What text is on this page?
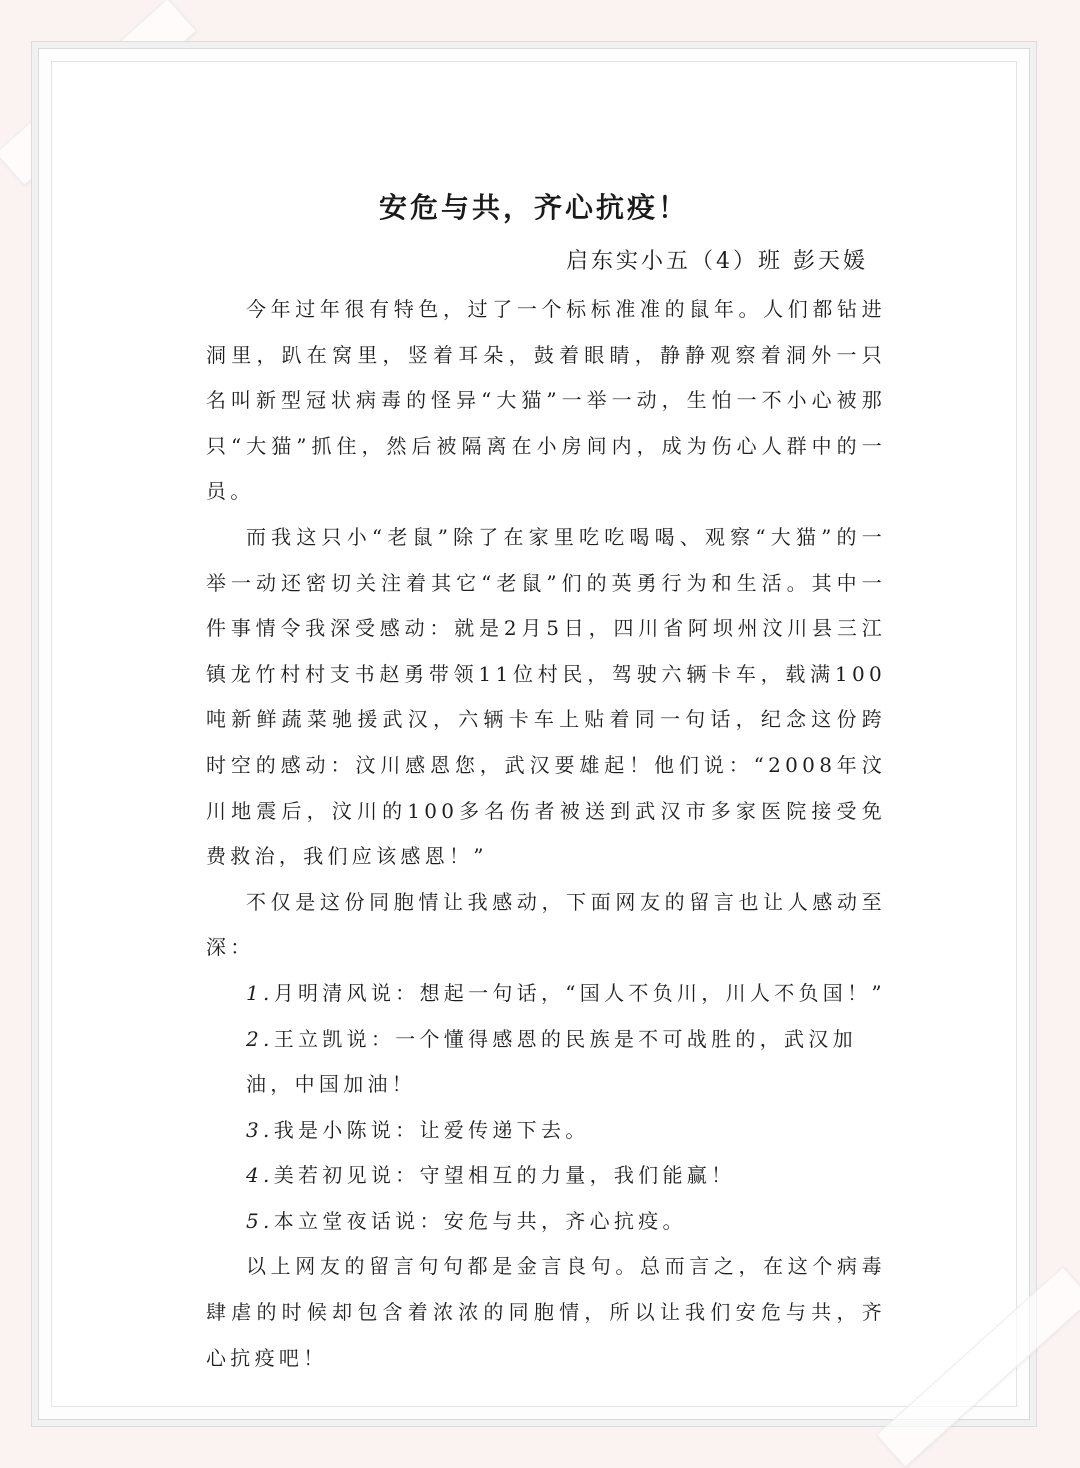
安危与共，齐心抗疫！
启东实小五（4）班 彭天媛

今年过年很有特色，过了一个标标准准的鼠年。人们都钻进洞里，趴在窝里，竖着耳朵，鼓着眼睛，静静观察着洞外一只名叫新型冠状病毒的怪异“大猫”一举一动，生怕一不小心被那只“大猫”抓住，然后被隔离在小房间内，成为伤心人群中的一员。

而我这只小“老鼠”除了在家里吃吃喝喝、观察“大猫”的一举一动还密切关注着其它“老鼠”们的英勇行为和生活。其中一件事情令我深受感动：就是2月5日，四川省阿坝州汶川县三江镇龙竹村村支书赵勇带领11位村民，驾驶六辆卡车，载满100吨新鲜蔬菜驰援武汉，六辆卡车上贴着同一句话，纪念这份跨时空的感动：汶川感恩您，武汉要雄起！他们说：“2008年汶川地震后，汶川的100多名伤者被送到武汉市多家医院接受免费救治，我们应该感恩！”

不仅是这份同胞情让我感动，下面网友的留言也让人感动至深：

1.月明清风说：想起一句话，“国人不负川，川人不负国！”
2.王立凯说：一个懂得感恩的民族是不可战胜的，武汉加油，中国加油！
3.我是小陈说：让爱传递下去。
4.美若初见说：守望相互的力量，我们能赢！
5.本立堂夜话说：安危与共，齐心抗疫。

以上网友的留言句句都是金言良句。总而言之，在这个病毒肆虐的时候却包含着浓浓的同胞情，所以让我们安危与共，齐心抗疫吧！
